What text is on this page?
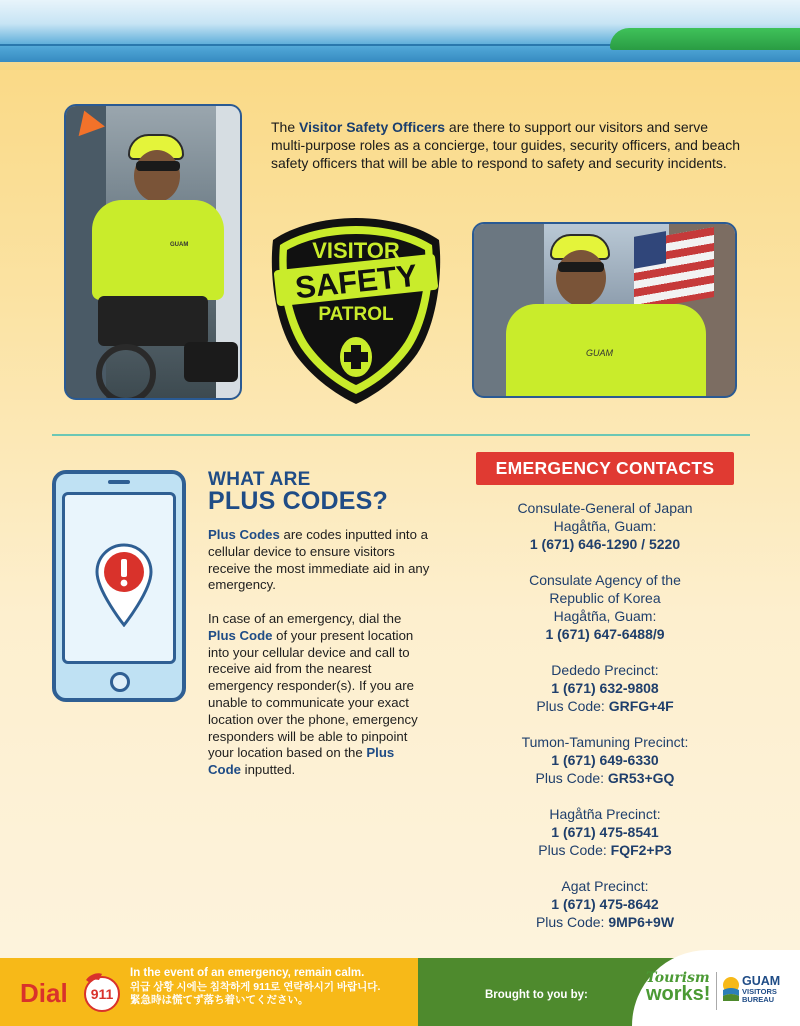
GUAM
The Visitor Safety Officers are there to support our visitors and serve multi-purpose roles as a concierge, tour guides, security officers, and beach safety officers that will be able to respond to safety and security incidents.
VISITOR
SAFETY
PATROL
GUAM
WHAT ARE
PLUS CODES?

Plus Codes are codes inputted into a cellular device to ensure visitors receive the most immediate aid in any emergency.

In case of an emergency, dial the Plus Code of your present location into your cellular device and call to receive aid from the nearest emergency responder(s). If you are unable to communicate your exact location over the phone, emergency responders will be able to pinpoint your location based on the Plus Code inputted.

EMERGENCY CONTACTS
Consulate-General of Japan
Hagåtña, Guam:
1 (671) 646-1290 / 5220
Consulate Agency of the
Republic of Korea
Hagåtña, Guam:
1 (671) 647-6488/9
Dededo Precinct:
1 (671) 632-9808
Plus Code: GRFG+4F
Tumon-Tamuning Precinct:
1 (671) 649-6330
Plus Code: GR53+GQ
Hagåtña Precinct:
1 (671) 475-8541
Plus Code: FQF2+P3
Agat Precinct:
1 (671) 475-8642
Plus Code: 9MP6+9W
Dial 911
In the event of an emergency, remain calm.
위급 상황 시에는 침착하게 911로 연락하시기 바랍니다.
緊急時は慌てず落ち着いてください。	Brought to you by:
Tourism
works!
GUAM
VISITORS BUREAU
